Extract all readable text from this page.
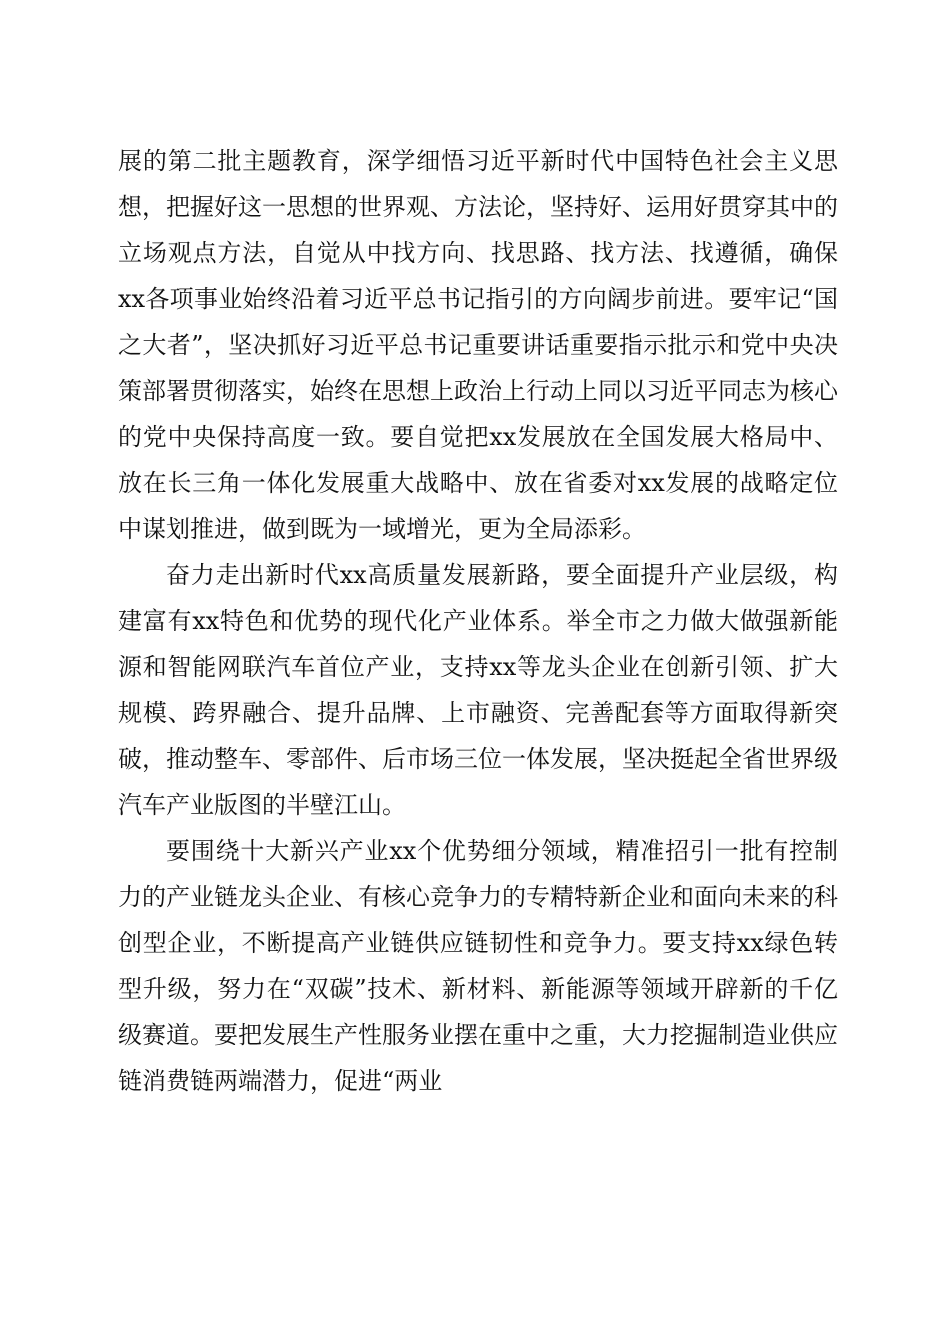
展的第二批主题教育，深学细悟习近平新时代中国特色社会主义思想，把握好这一思想的世界观、方法论，坚持好、运用好贯穿其中的立场观点方法，自觉从中找方向、找思路、找方法、找遵循，确保xx各项事业始终沿着习近平总书记指引的方向阔步前进。要牢记“国之大者”，坚决抓好习近平总书记重要讲话重要指示批示和党中央决策部署贯彻落实，始终在思想上政治上行动上同以习近平同志为核心的党中央保持高度一致。要自觉把xx发展放在全国发展大格局中、放在长三角一体化发展重大战略中、放在省委对xx发展的战略定位中谋划推进，做到既为一域增光，更为全局添彩。

奋力走出新时代xx高质量发展新路，要全面提升产业层级，构建富有xx特色和优势的现代化产业体系。举全市之力做大做强新能源和智能网联汽车首位产业，支持xx等龙头企业在创新引领、扩大规模、跨界融合、提升品牌、上市融资、完善配套等方面取得新突破，推动整车、零部件、后市场三位一体发展，坚决挺起全省世界级汽车产业版图的半壁江山。

要围绕十大新兴产业xx个优势细分领域，精准招引一批有控制力的产业链龙头企业、有核心竞争力的专精特新企业和面向未来的科创型企业，不断提高产业链供应链韧性和竞争力。要支持xx绿色转型升级，努力在“双碳”技术、新材料、新能源等领域开辟新的千亿级赛道。要把发展生产性服务业摆在重中之重，大力挖掘制造业供应链消费链两端潜力，促进“两业
